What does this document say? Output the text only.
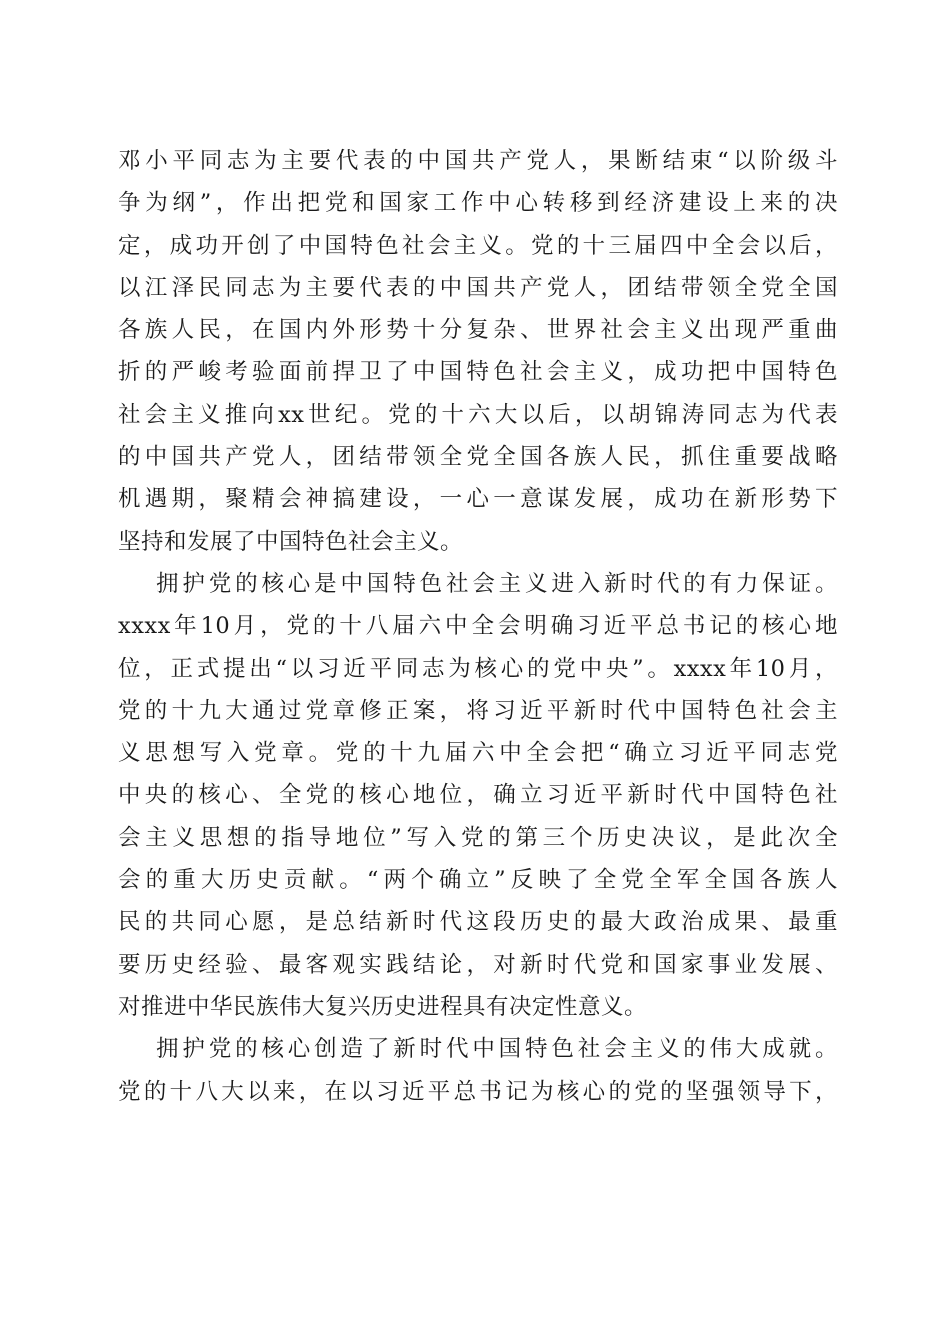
邓小平同志为主要代表的中国共产党人，果断结束“以阶级斗
争为纲”，作出把党和国家工作中心转移到经济建设上来的决
定，成功开创了中国特色社会主义。党的十三届四中全会以后，
以江泽民同志为主要代表的中国共产党人，团结带领全党全国
各族人民，在国内外形势十分复杂、世界社会主义出现严重曲
折的严峻考验面前捍卫了中国特色社会主义，成功把中国特色
社会主义推向xx世纪。党的十六大以后，以胡锦涛同志为代表
的中国共产党人，团结带领全党全国各族人民，抓住重要战略
机遇期，聚精会神搞建设，一心一意谋发展，成功在新形势下
坚持和发展了中国特色社会主义。
拥护党的核心是中国特色社会主义进入新时代的有力保证。
xxxx年10月，党的十八届六中全会明确习近平总书记的核心地
位，正式提出“以习近平同志为核心的党中央”。xxxx年10月，
党的十九大通过党章修正案，将习近平新时代中国特色社会主
义思想写入党章。党的十九届六中全会把“确立习近平同志党
中央的核心、全党的核心地位，确立习近平新时代中国特色社
会主义思想的指导地位”写入党的第三个历史决议，是此次全
会的重大历史贡献。“两个确立”反映了全党全军全国各族人
民的共同心愿，是总结新时代这段历史的最大政治成果、最重
要历史经验、最客观实践结论，对新时代党和国家事业发展、
对推进中华民族伟大复兴历史进程具有决定性意义。
拥护党的核心创造了新时代中国特色社会主义的伟大成就。
党的十八大以来，在以习近平总书记为核心的党的坚强领导下，
